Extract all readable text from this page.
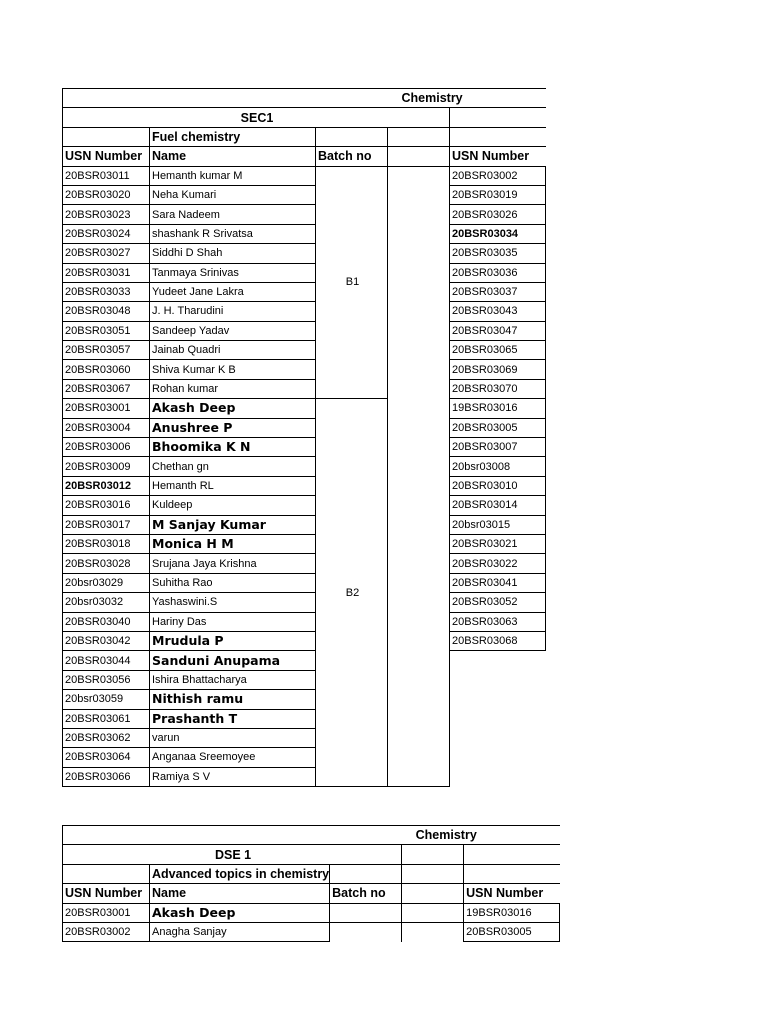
			Chemistry	
SEC1				
	Fuel chemistry			
USN Number	Name	Batch no		USN Number
20BSR03011	Hemanth kumar M	B1		20BSR03002
20BSR03020	Neha Kumari			20BSR03019
20BSR03023	Sara Nadeem			20BSR03026
20BSR03024	shashank R Srivatsa			20BSR03034
20BSR03027	Siddhi D Shah			20BSR03035
20BSR03031	Tanmaya Srinivas			20BSR03036
20BSR03033	Yudeet Jane Lakra			20BSR03037
20BSR03048	J. H. Tharudini			20BSR03043
20BSR03051	Sandeep Yadav			20BSR03047
20BSR03057	Jainab Quadri			20BSR03065
20BSR03060	Shiva Kumar K B			20BSR03069
20BSR03067	Rohan kumar			20BSR03070
20BSR03001	Akash Deep	B2		19BSR03016
20BSR03004	Anushree P			20BSR03005
20BSR03006	Bhoomika K N			20BSR03007
20BSR03009	Chethan gn			20bsr03008
20BSR03012	Hemanth RL			20BSR03010
20BSR03016	Kuldeep			20BSR03014
20BSR03017	M Sanjay Kumar			20bsr03015
20BSR03018	Monica H M			20BSR03021
20BSR03028	Srujana Jaya Krishna			20BSR03022
20bsr03029	Suhitha Rao			20BSR03041
20bsr03032	Yashaswini.S			20BSR03052
20BSR03040	Hariny Das			20BSR03063
20BSR03042	Mrudula P			20BSR03068
20BSR03044	Sanduni Anupama			
20BSR03056	Ishira Bhattacharya			
20bsr03059	Nithish ramu			
20BSR03061	Prashanth T			
20BSR03062	varun			
20BSR03064	Anganaa Sreemoyee			
20BSR03066	Ramiya S V			
			Chemistry	
DSE 1				
	Advanced topics in chemistry			
USN Number	Name	Batch no		USN Number
20BSR03001	Akash Deep			19BSR03016
20BSR03002	Anagha Sanjay			20BSR03005
